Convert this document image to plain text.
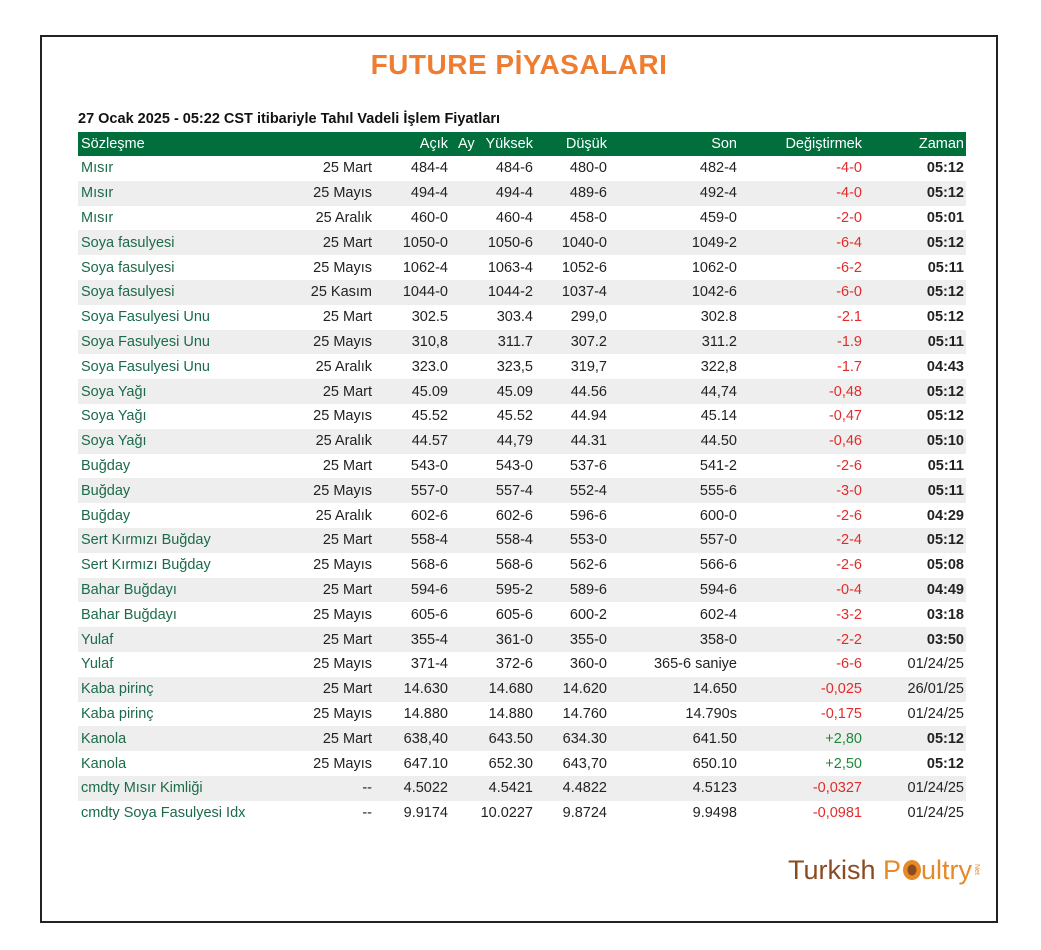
FUTURE PİYASALARI
27 Ocak 2025 - 05:22 CST itibariyle Tahıl Vadeli İşlem Fiyatları
Sözleşme	Ay	Açık	Yüksek	Düşük	Son	Değiştirmek	Zaman
Mısır	25 Mart	484-4	484-6	480-0	482-4	-4-0	05:12
Mısır	25 Mayıs	494-4	494-4	489-6	492-4	-4-0	05:12
Mısır	25 Aralık	460-0	460-4	458-0	459-0	-2-0	05:01
Soya fasulyesi	25 Mart	1050-0	1050-6	1040-0	1049-2	-6-4	05:12
Soya fasulyesi	25 Mayıs	1062-4	1063-4	1052-6	1062-0	-6-2	05:11
Soya fasulyesi	25 Kasım	1044-0	1044-2	1037-4	1042-6	-6-0	05:12
Soya Fasulyesi Unu	25 Mart	302.5	303.4	299,0	302.8	-2.1	05:12
Soya Fasulyesi Unu	25 Mayıs	310,8	311.7	307.2	311.2	-1.9	05:11
Soya Fasulyesi Unu	25 Aralık	323.0	323,5	319,7	322,8	-1.7	04:43
Soya Yağı	25 Mart	45.09	45.09	44.56	44,74	-0,48	05:12
Soya Yağı	25 Mayıs	45.52	45.52	44.94	45.14	-0,47	05:12
Soya Yağı	25 Aralık	44.57	44,79	44.31	44.50	-0,46	05:10
Buğday	25 Mart	543-0	543-0	537-6	541-2	-2-6	05:11
Buğday	25 Mayıs	557-0	557-4	552-4	555-6	-3-0	05:11
Buğday	25 Aralık	602-6	602-6	596-6	600-0	-2-6	04:29
Sert Kırmızı Buğday	25 Mart	558-4	558-4	553-0	557-0	-2-4	05:12
Sert Kırmızı Buğday	25 Mayıs	568-6	568-6	562-6	566-6	-2-6	05:08
Bahar Buğdayı	25 Mart	594-6	595-2	589-6	594-6	-0-4	04:49
Bahar Buğdayı	25 Mayıs	605-6	605-6	600-2	602-4	-3-2	03:18
Yulaf	25 Mart	355-4	361-0	355-0	358-0	-2-2	03:50
Yulaf	25 Mayıs	371-4	372-6	360-0	365-6 saniye	-6-6	01/24/25
Kaba pirinç	25 Mart	14.630	14.680	14.620	14.650	-0,025	26/01/25
Kaba pirinç	25 Mayıs	14.880	14.880	14.760	14.790s	-0,175	01/24/25
Kanola	25 Mart	638,40	643.50	634.30	641.50	+2,80	05:12
Kanola	25 Mayıs	647.10	652.30	643,70	650.10	+2,50	05:12
cmdty Mısır Kimliği	--	4.5022	4.5421	4.4822	4.5123	-0,0327	01/24/25
cmdty Soya Fasulyesi Idx	--	9.9174	10.0227	9.8724	9.9498	-0,0981	01/24/25
Turkish P ultry Net
